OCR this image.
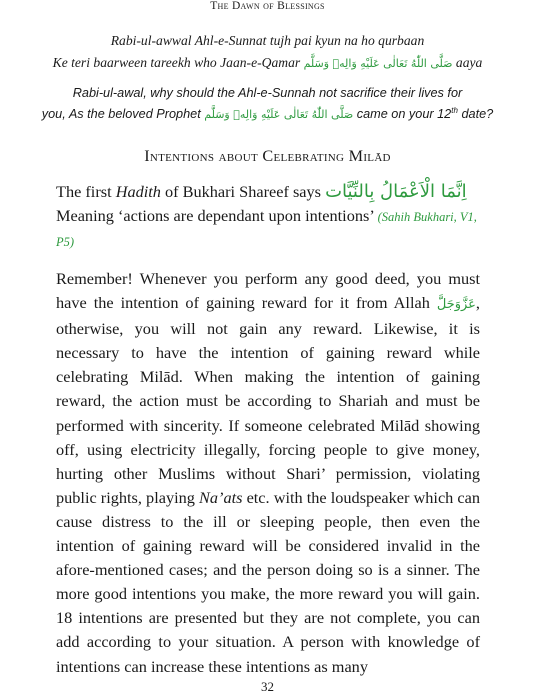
The Dawn of Blessings
Rabi-ul-awwal Ahl-e-Sunnat tujh pai kyun na ho qurbaan
Ke teri baarween tareekh who Jaan-e-Qamar صَلَّى اللّٰهُ تَعَالٰى عَلَيْهِ وَالِهٖ وَسَلَّم aaya
Rabi-ul-awal, why should the Ahl-e-Sunnah not sacrifice their lives for
you, As the beloved Prophet صَلَّى اللّٰهُ تَعَالٰى عَلَيْهِ وَالِهٖ وَسَلَّم came on your 12th date?
Intentions about Celebrating Milād
The first Hadith of Bukhari Shareef says اِنَّمَا الْاَعْمَالُ بِالنِّيَّات
Meaning ‘actions are dependant upon intentions’ (Sahih Bukhari, V1, P5)
Remember! Whenever you perform any good deed, you must have the intention of gaining reward for it from Allah عَزَّوَجَلَّ, otherwise, you will not gain any reward. Likewise, it is necessary to have the intention of gaining reward while celebrating Milād. When making the intention of gaining reward, the action must be according to Shariah and must be performed with sincerity. If someone celebrated Milād showing off, using electricity illegally, forcing people to give money, hurting other Muslims without Shari’ permission, violating public rights, playing Na’ats etc. with the loudspeaker which can cause distress to the ill or sleeping people, then even the intention of gaining reward will be considered invalid in the afore-mentioned cases; and the person doing so is a sinner. The more good intentions you make, the more reward you will gain. 18 intentions are presented but they are not complete, you can add according to your situation. A person with knowledge of intentions can increase these intentions as many
32
